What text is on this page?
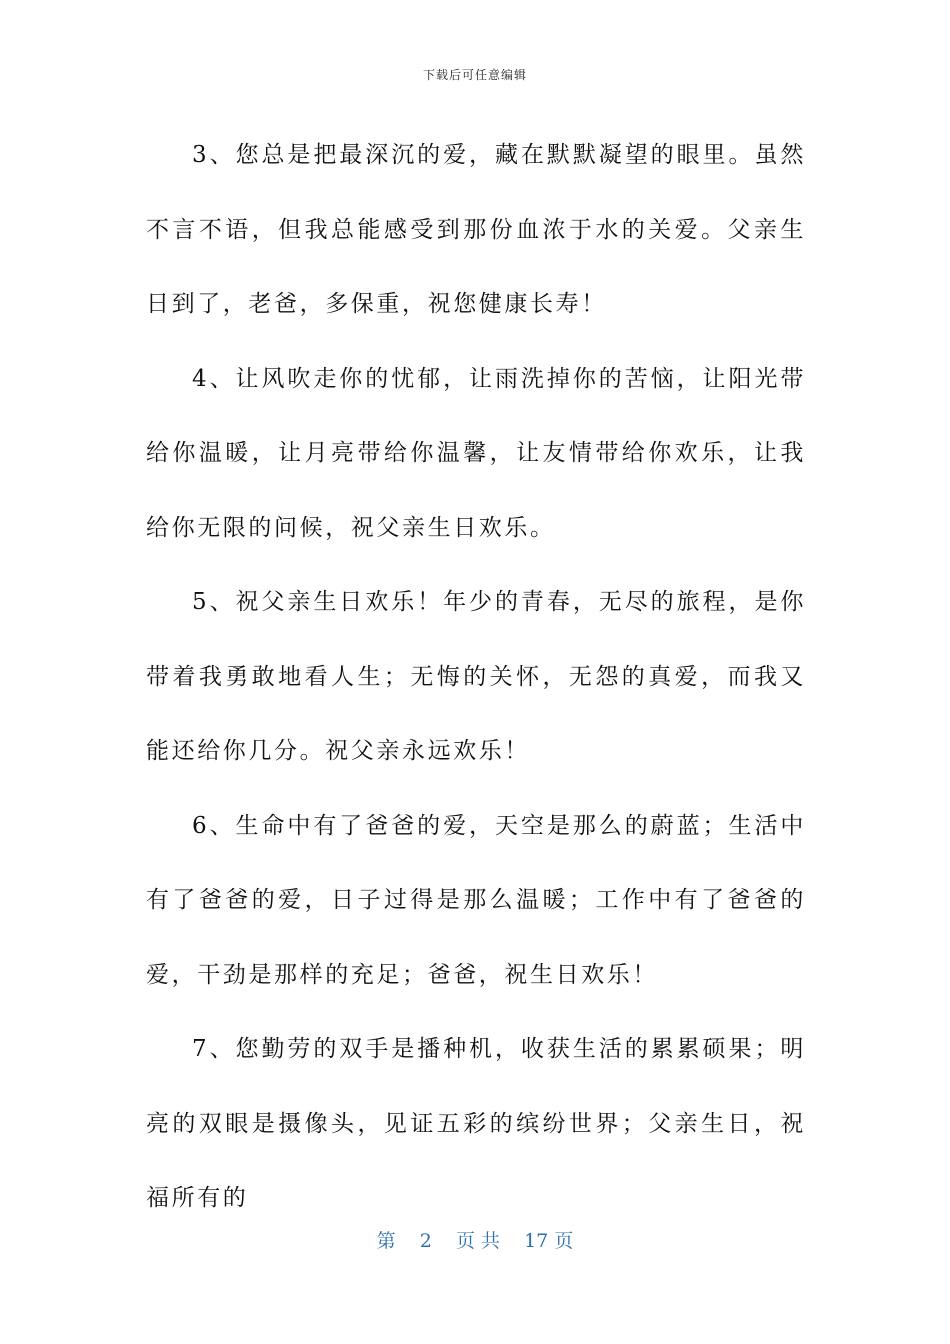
下载后可任意编辑

3、您总是把最深沉的爱，藏在默默凝望的眼里。虽然不言不语，但我总能感受到那份血浓于水的关爱。父亲生日到了，老爸，多保重，祝您健康长寿！

4、让风吹走你的忧郁，让雨洗掉你的苦恼，让阳光带给你温暖，让月亮带给你温馨，让友情带给你欢乐，让我给你无限的问候，祝父亲生日欢乐。

5、祝父亲生日欢乐！年少的青春，无尽的旅程，是你带着我勇敢地看人生；无悔的关怀，无怨的真爱，而我又能还给你几分。祝父亲永远欢乐！

6、生命中有了爸爸的爱，天空是那么的蔚蓝；生活中有了爸爸的爱，日子过得是那么温暖；工作中有了爸爸的爱，干劲是那样的充足；爸爸，祝生日欢乐！

7、您勤劳的双手是播种机，收获生活的累累硕果；明亮的双眼是摄像头，见证五彩的缤纷世界；父亲生日，祝福所有的

第 2 页 共 17 页
